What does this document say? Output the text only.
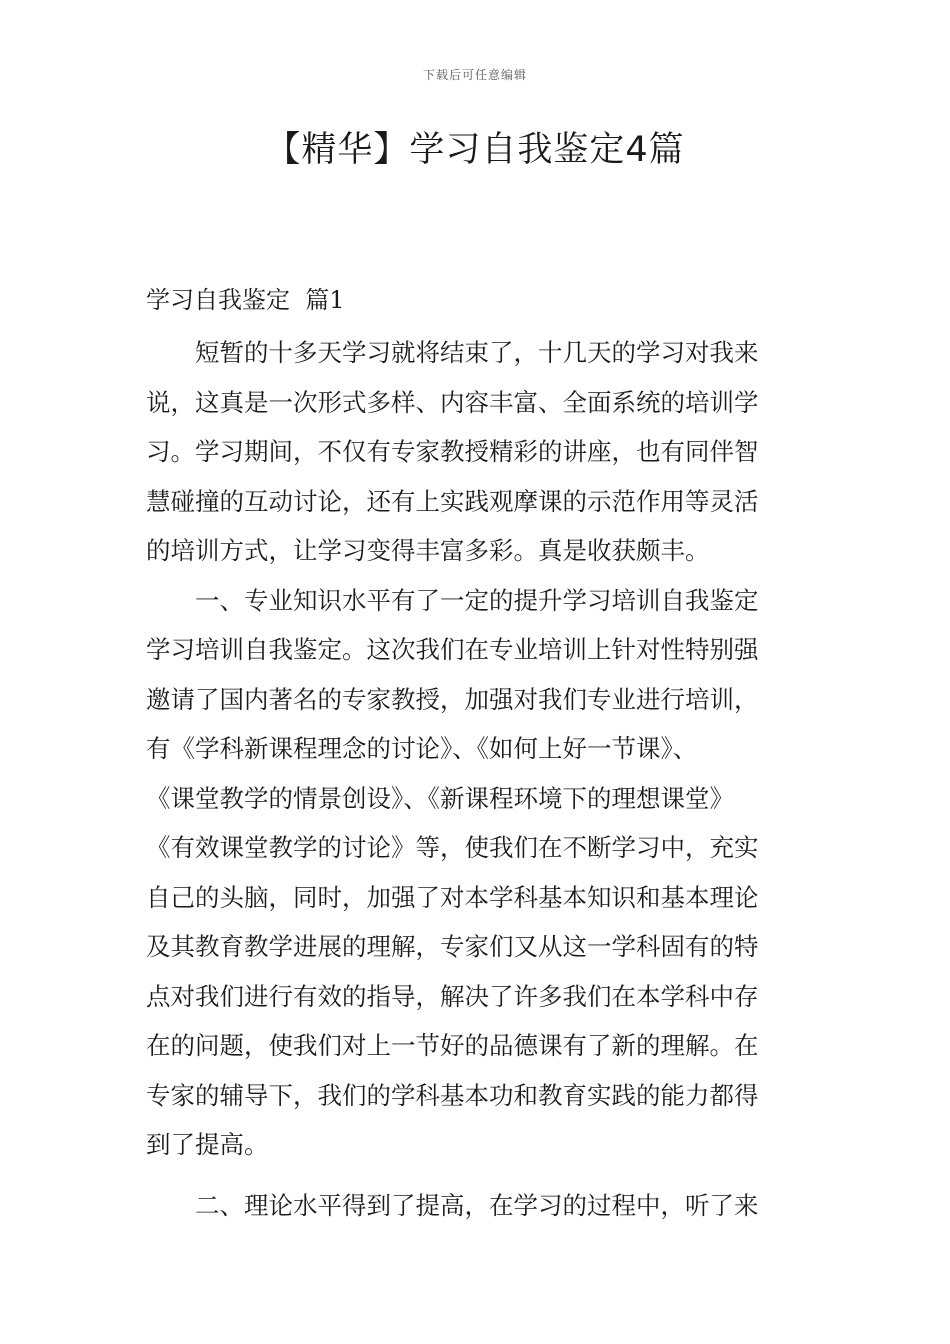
下载后可任意编辑
【精华】学习自我鉴定4篇
学习自我鉴定  篇1
短暂的十多天学习就将结束了，十几天的学习对我来
说，这真是一次形式多样、内容丰富、全面系统的培训学
习。学习期间，不仅有专家教授精彩的讲座，也有同伴智
慧碰撞的互动讨论，还有上实践观摩课的示范作用等灵活
的培训方式，让学习变得丰富多彩。真是收获颇丰。
一、专业知识水平有了一定的提升学习培训自我鉴定
学习培训自我鉴定。这次我们在专业培训上针对性特别强
邀请了国内著名的专家教授，加强对我们专业进行培训，
有《学科新课程理念的讨论》、《如何上好一节课》、
《课堂教学的情景创设》、《新课程环境下的理想课堂》
《有效课堂教学的讨论》等，使我们在不断学习中，充实
自己的头脑，同时，加强了对本学科基本知识和基本理论
及其教育教学进展的理解，专家们又从这一学科固有的特
点对我们进行有效的指导，解决了许多我们在本学科中存
在的问题，使我们对上一节好的品德课有了新的理解。在
专家的辅导下，我们的学科基本功和教育实践的能力都得
到了提高。
二、理论水平得到了提高，在学习的过程中，听了来
